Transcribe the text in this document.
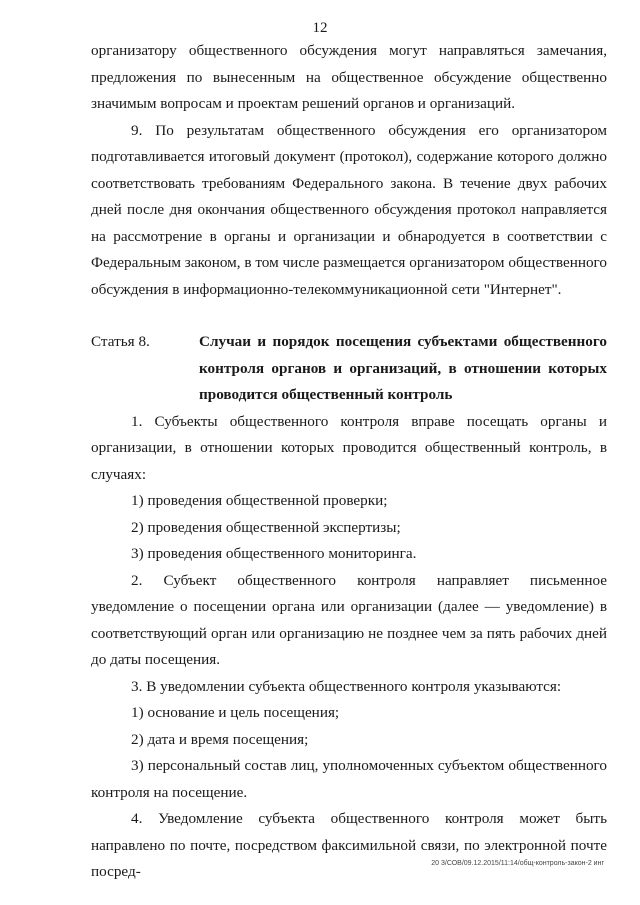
12

организатору общественного обсуждения могут направляться замечания, предложения по вынесенным на общественное обсуждение общественно значимым вопросам и проектам решений органов и организаций.

9. По результатам общественного обсуждения его организатором подготавливается итоговый документ (протокол), содержание которого должно соответствовать требованиям Федерального закона. В течение двух рабочих дней после дня окончания общественного обсуждения протокол направляется на рассмотрение в органы и организации и обнародуется в соответствии с Федеральным законом, в том числе размещается организатором общественного обсуждения в информационно-телекоммуникационной сети "Интернет".

Статья 8.	Случаи и порядок посещения субъектами общественного контроля органов и организаций, в отношении которых проводится общественный контроль

1. Субъекты общественного контроля вправе посещать органы и организации, в отношении которых проводится общественный контроль, в случаях:

1) проведения общественной проверки;

2) проведения общественной экспертизы;

3) проведения общественного мониторинга.

2. Субъект общественного контроля направляет письменное уведомление о посещении органа или организации (далее — уведомление) в соответствующий орган или организацию не позднее чем за пять рабочих дней до даты посещения.

3. В уведомлении субъекта общественного контроля указываются:

1) основание и цель посещения;

2) дата и время посещения;

3) персональный состав лиц, уполномоченных субъектом общественного контроля на посещение.

4. Уведомление субъекта общественного контроля может быть направлено по почте, посредством факсимильной связи, по электронной почте посред-	20 3/СОВ/09.12.2015/11:14/общ-контроль-закон-2 инг
